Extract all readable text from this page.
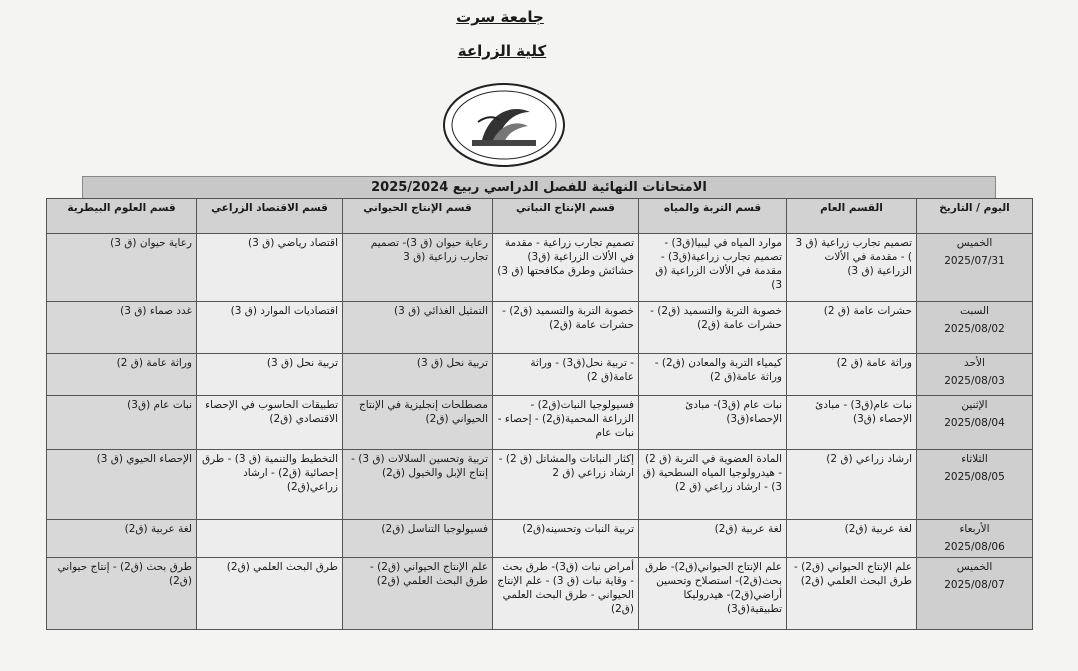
جامعة سرت
كلية الزراعة
الامتحانات النهائية للفصل الدراسي ربيع 2025/2024
اليوم / التاريخ	القسم العام	قسم التربة والمياه	قسم الإنتاج النباتي	قسم الإنتاج الحيواني	قسم الاقتصاد الزراعي	قسم العلوم البيطرية

الخميس
2025/07/31	تصميم تجارب زراعية (ق 3 ) - مقدمة في الألات الزراعية (ق 3)	موارد المياه في ليبيا(ق3) - تصميم تجارب زراعية(ق3) - مقدمة في الألات الزراعية (ق 3)	تصميم تجارب زراعية - مقدمة في الألات الزراعية (ق3) حشائش وطرق مكافحتها (ق 3)	رعاية حيوان (ق 3)- تصميم تجارب زراعية (ق 3	اقتصاد رياضي (ق 3)	رعاية حيوان (ق 3)

السبت
2025/08/02	حشرات عامة (ق 2)	خصوبة التربة والتسميد (ق2) - حشرات عامة (ق2)	خصوبة التربة والتسميد (ق2) - حشرات عامة (ق2)	التمثيل الغذائي (ق 3)	اقتصاديات الموارد (ق 3)	غدد صماء (ق 3)

الأحد
2025/08/03	وراثة عامة (ق 2)	كيمياء التربة والمعادن (ق2) - وراثة عامة(ق 2)	- تربية نحل(ق3) - وراثة عامة(ق 2)	تربية نحل (ق 3)	تربية نحل (ق 3)	وراثة عامة (ق 2)

الإثنين
2025/08/04	نبات عام(ق3) - مبادئ الإحصاء (ق3)	نبات عام (ق3)- مبادئ الإحصاء(ق3)	فسيولوجيا النبات(ق2) - الزراعة المحمية(ق2) - إحصاء - نبات عام	مصطلحات إنجليزية في الإنتاج الحيواني (ق2)	تطبيقات الحاسوب في الإحصاء الاقتصادي (ق2)	نبات عام (ق3)

الثلاثاء
2025/08/05	ارشاد زراعي (ق 2)	المادة العضوية في التربة (ق 2) - هيدرولوجيا المياه السطحية (ق 3) - ارشاد زراعي (ق 2)	إكثار النباتات والمشاتل (ق 2) - ارشاد زراعي (ق 2	تربية وتحسين السلالات (ق 3) - إنتاج الإبل والخيول (ق2)	التخطيط والتنمية (ق 3) - طرق إحصائية (ق2) - ارشاد زراعي(ق2)	الإحصاء الحيوي (ق 3)

الأربعاء
2025/08/06	لغة عربية (ق2)	لغة عربية (ق2)	تربية النبات وتحسينه(ق2)	فسيولوجيا التناسل (ق2)		لغة عربية (ق2)

الخميس
2025/08/07	علم الإنتاج الحيواني (ق2) - طرق البحث العلمي (ق2)	علم الإنتاج الحيواني(ق2)- طرق بحث(ق2)- استصلاح وتحسين أراضي(ق2)- هيدروليكا تطبيقية(ق3)	أمراض نبات (ق3)- طرق بحث - وقاية نبات (ق 3) - علم الإنتاج الحيواني - طرق البحث العلمي (ق2)	علم الإنتاج الحيواني (ق2) - طرق البحث العلمي (ق2)	طرق البحث العلمي (ق2)	طرق بحث (ق2) - إنتاج حيواني (ق2)
